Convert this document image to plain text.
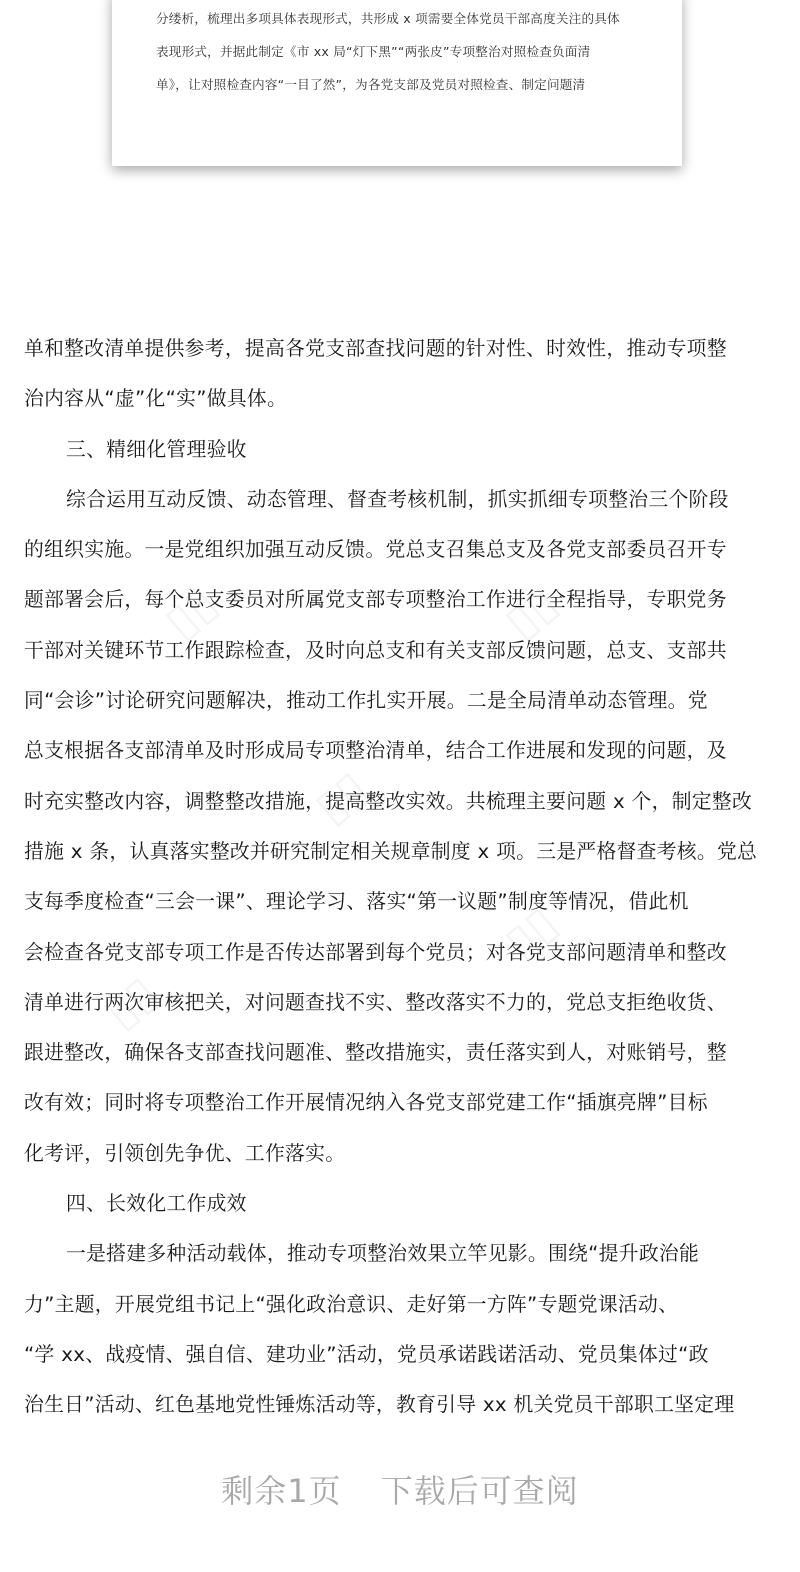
分缕析，梳理出多项具体表现形式，共形成 x 项需要全体党员干部高度关注的具体
表现形式，并据此制定《市 xx 局“灯下黑”“两张皮”专项整治对照检查负面清
单》，让对照检查内容“一目了然”，为各党支部及党员对照检查、制定问题清
单和整改清单提供参考，提高各党支部查找问题的针对性、时效性，推动专项整
治内容从“虚”化“实”做具体。
三、精细化管理验收
综合运用互动反馈、动态管理、督查考核机制，抓实抓细专项整治三个阶段
的组织实施。一是党组织加强互动反馈。党总支召集总支及各党支部委员召开专
题部署会后，每个总支委员对所属党支部专项整治工作进行全程指导，专职党务
干部对关键环节工作跟踪检查，及时向总支和有关支部反馈问题，总支、支部共
同“会诊”讨论研究问题解决，推动工作扎实开展。二是全局清单动态管理。党
总支根据各支部清单及时形成局专项整治清单，结合工作进展和发现的问题，及
时充实整改内容，调整整改措施，提高整改实效。共梳理主要问题 x 个，制定整改
措施 x 条，认真落实整改并研究制定相关规章制度 x 项。三是严格督查考核。党总
支每季度检查“三会一课”、理论学习、落实“第一议题”制度等情况，借此机
会检查各党支部专项工作是否传达部署到每个党员；对各党支部问题清单和整改
清单进行两次审核把关，对问题查找不实、整改落实不力的，党总支拒绝收货、
跟进整改，确保各支部查找问题准、整改措施实，责任落实到人，对账销号，整
改有效；同时将专项整治工作开展情况纳入各党支部党建工作“插旗亮牌”目标
化考评，引领创先争优、工作落实。
四、长效化工作成效
一是搭建多种活动载体，推动专项整治效果立竿见影。围绕“提升政治能
力”主题，开展党组书记上“强化政治意识、走好第一方阵”专题党课活动、
“学 xx、战疫情、强自信、建功业”活动，党员承诺践诺活动、党员集体过“政
治生日”活动、红色基地党性锤炼活动等，教育引导 xx 机关党员干部职工坚定理
剩余1页 下载后可查阅
